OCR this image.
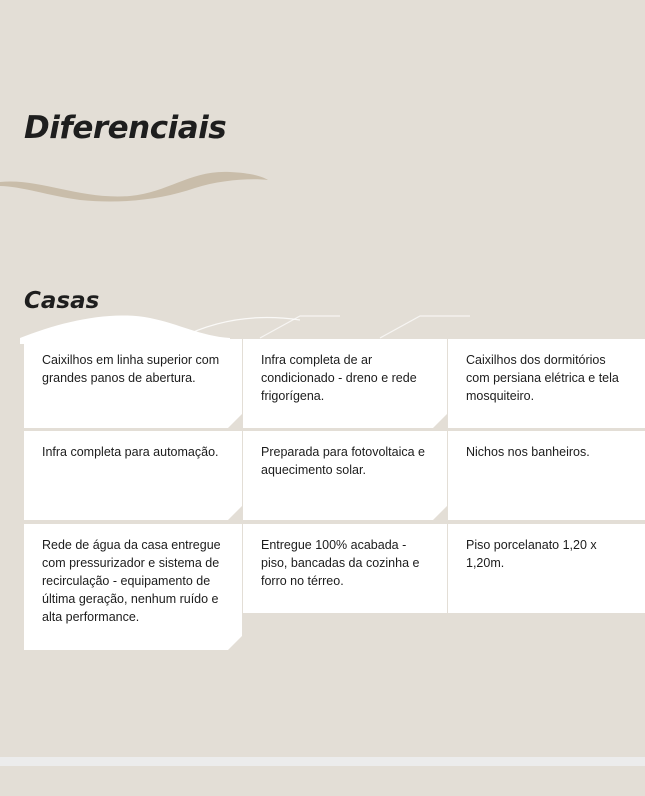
Diferenciais
Casas
Caixilhos em linha superior com grandes panos de abertura.
Infra completa de ar condicionado - dreno e rede frigorígena.
Caixilhos dos dormitórios com persiana elétrica e tela mosquiteiro.
Infra completa para automação.	Preparada para fotovoltaica e aquecimento solar.
Nichos nos banheiros.
Rede de água da casa entregue com pressurizador e sistema de recirculação - equipamento de última geração, nenhum ruído e alta performance.
Entregue 100% acabada - piso, bancadas da cozinha e forro no térreo.
Piso porcelanato 1,20 x 1,20m.
